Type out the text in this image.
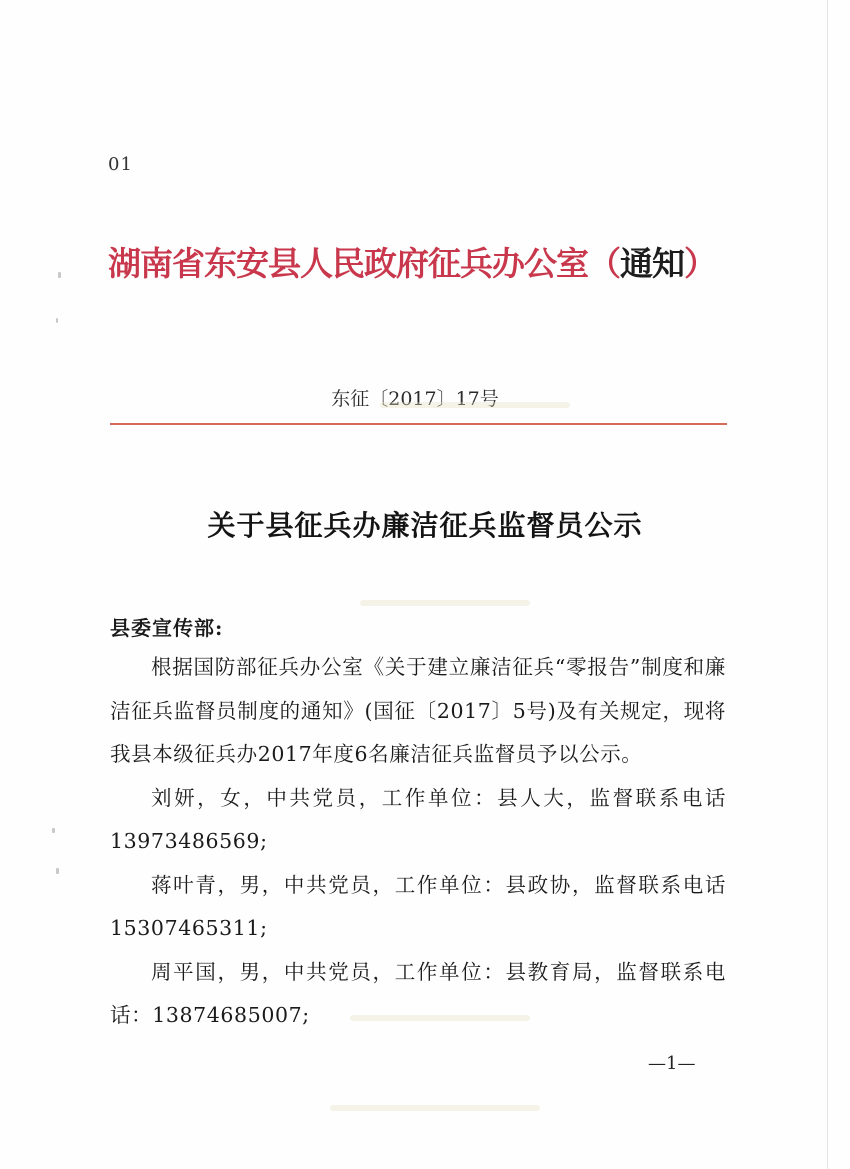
01
湖南省东安县人民政府征兵办公室（通知）
东征〔2017〕17号
关于县征兵办廉洁征兵监督员公示
县委宣传部:

根据国防部征兵办公室《关于建立廉洁征兵“零报告”制度和廉洁征兵监督员制度的通知》(国征〔2017〕5号)及有关规定，现将我县本级征兵办2017年度6名廉洁征兵监督员予以公示。

刘妍，女，中共党员，工作单位：县人大，监督联系电话13973486569;

蒋叶青，男，中共党员，工作单位：县政协，监督联系电话15307465311;

周平国，男，中共党员，工作单位：县教育局，监督联系电话：13874685007;

—1—
